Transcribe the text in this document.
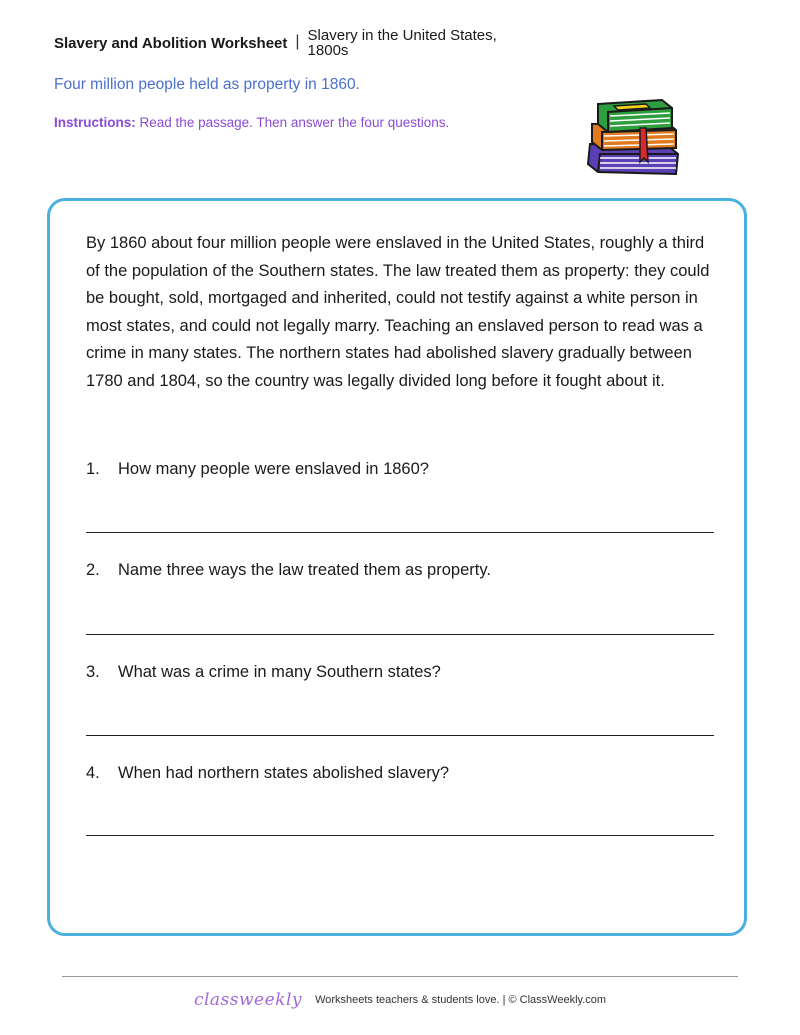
Slavery and Abolition Worksheet | Slavery in the United States, 1800s
Four million people held as property in 1860.
Instructions: Read the passage. Then answer the four questions.
By 1860 about four million people were enslaved in the United States, roughly a third of the population of the Southern states. The law treated them as property: they could be bought, sold, mortgaged and inherited, could not testify against a white person in most states, and could not legally marry. Teaching an enslaved person to read was a crime in many states. The northern states had abolished slavery gradually between 1780 and 1804, so the country was legally divided long before it fought about it.
1. How many people were enslaved in 1860?
2. Name three ways the law treated them as property.
3. What was a crime in many Southern states?
4. When had northern states abolished slavery?
classweekly Worksheets teachers & students love. | © ClassWeekly.com
